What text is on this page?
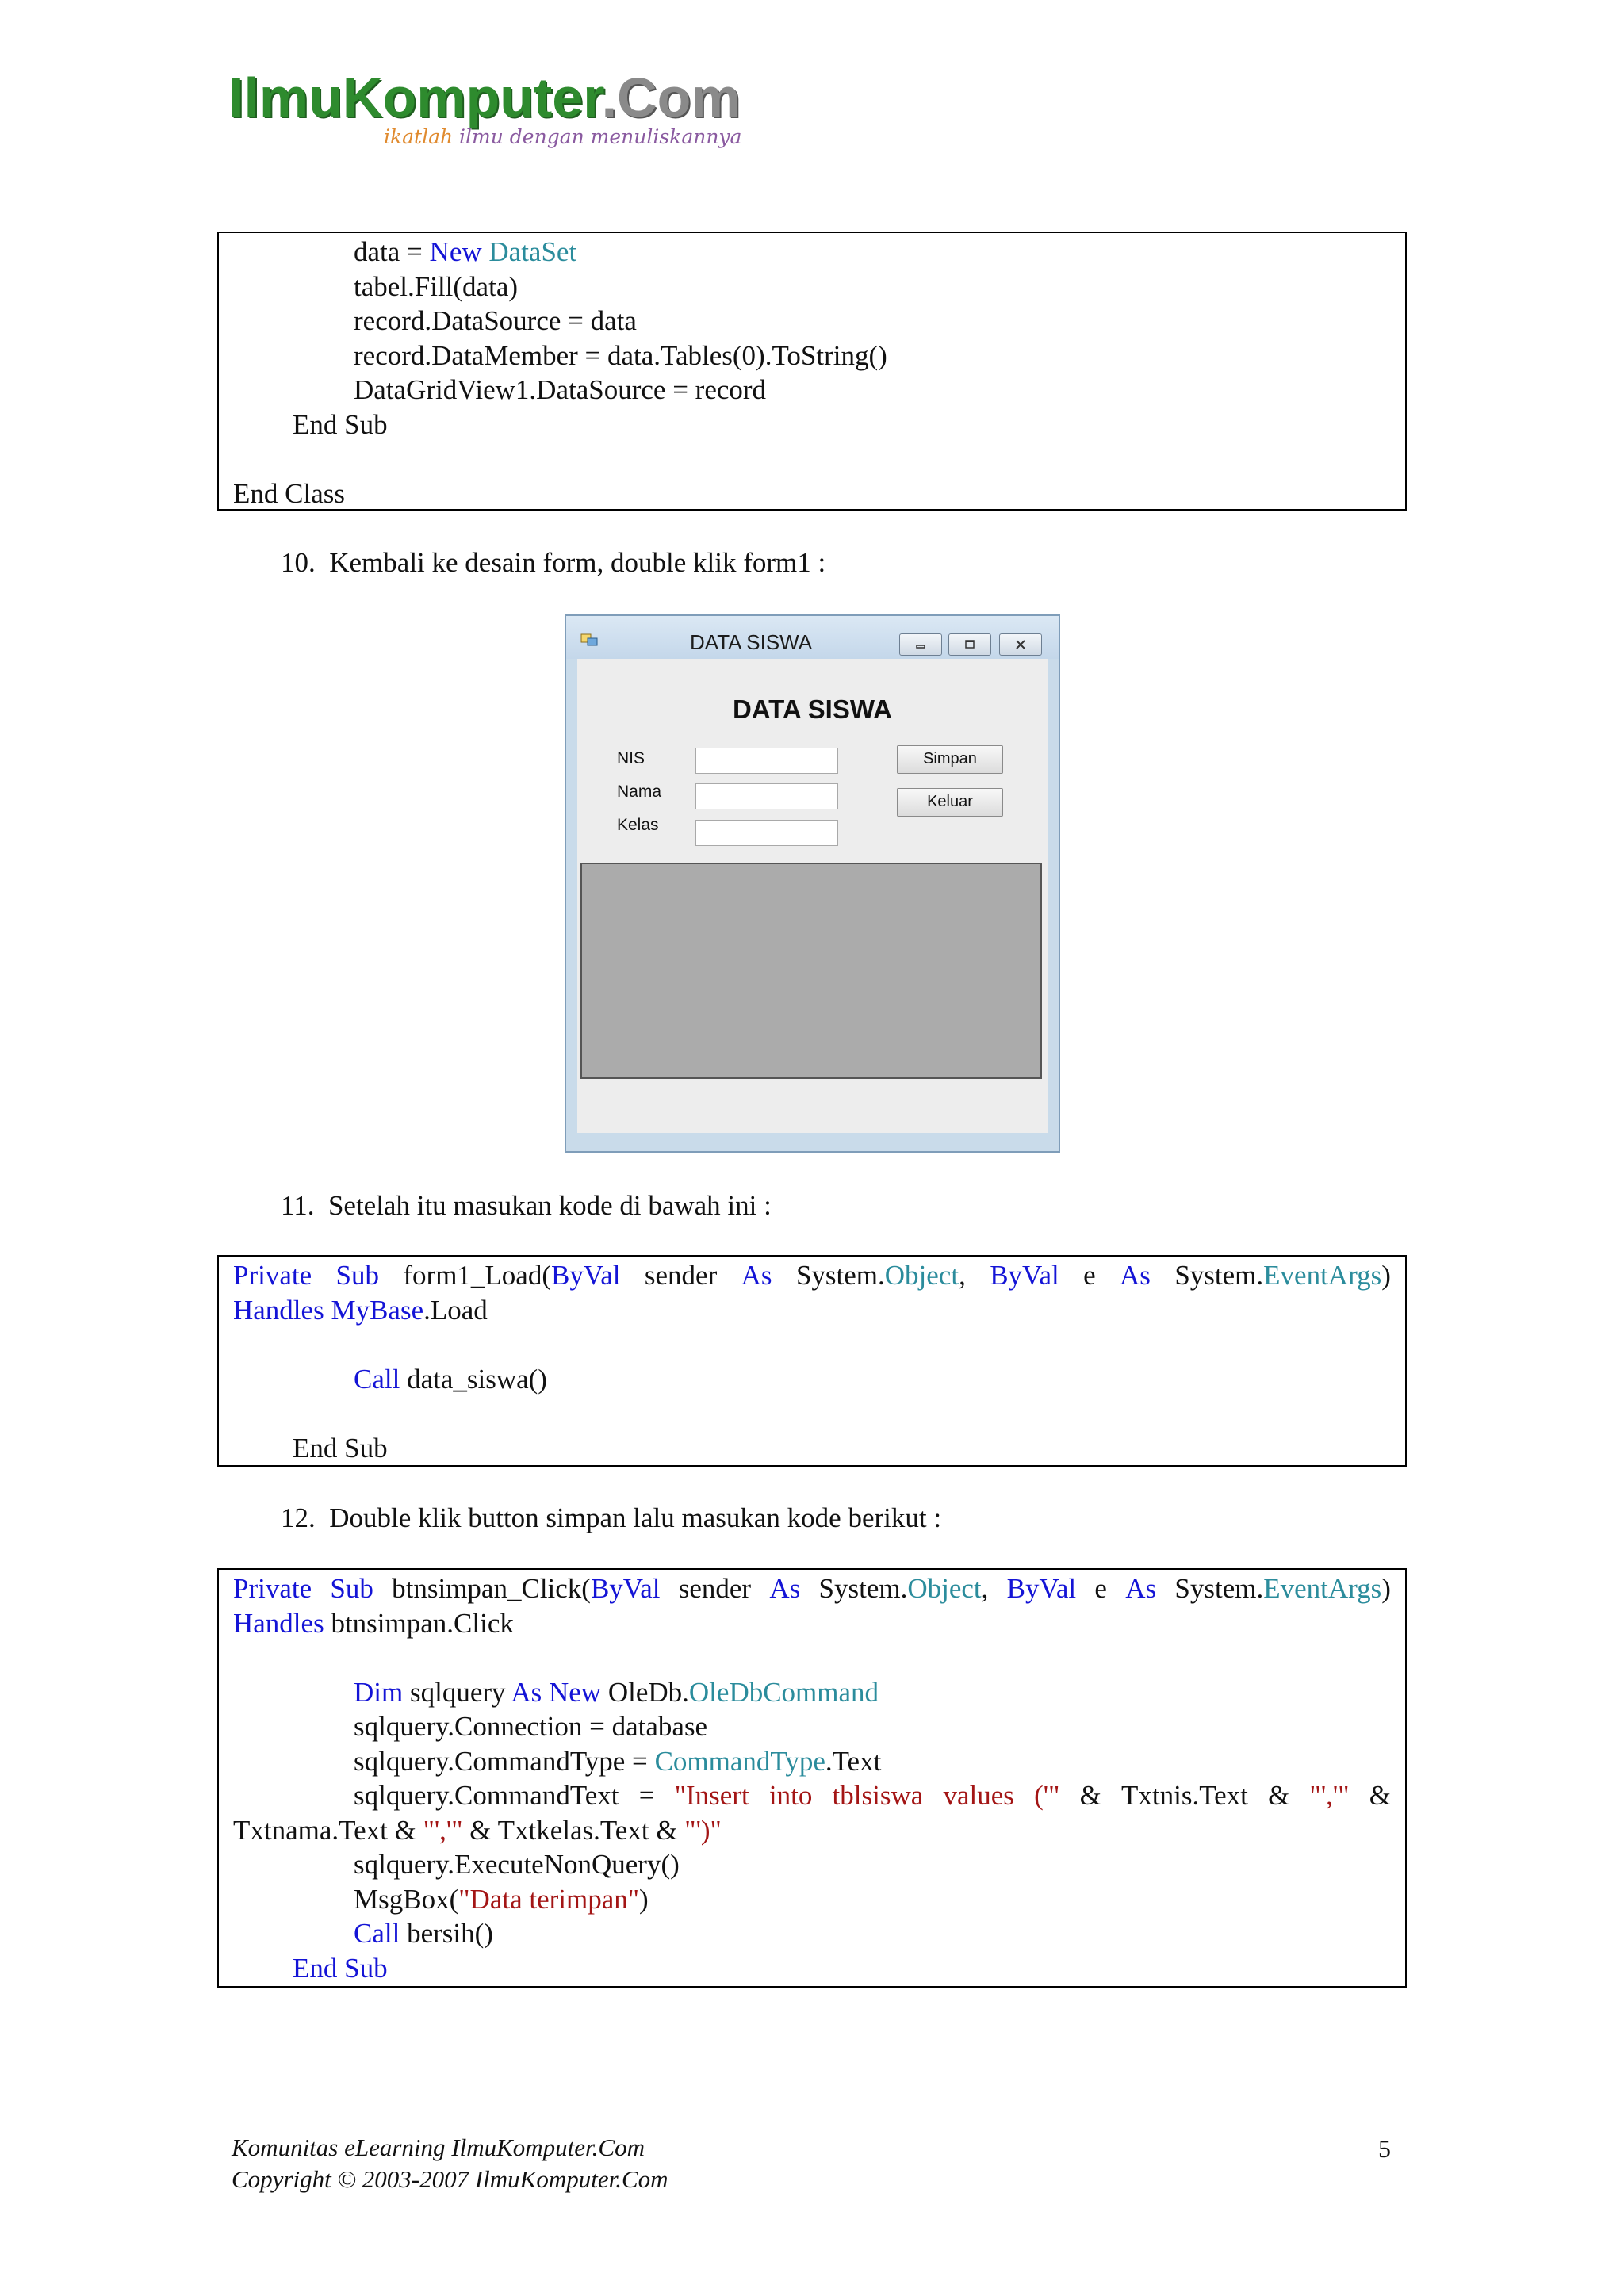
IlmuKomputer.Com
ikatlah ilmu dengan menuliskannya
data = New DataSet
tabel.Fill(data)
record.DataSource = data
record.DataMember = data.Tables(0).ToString()
DataGridView1.DataSource = record
End Sub
End Class
10. Kembali ke desain form, double klik form1 :
DATA SISWA
DATA SISWA
NIS
Nama
Kelas
Simpan
Keluar
11. Setelah itu masukan kode di bawah ini :
Private Sub form1_Load(ByVal sender As System.Object, ByVal e As System.EventArgs)
Handles MyBase.Load
Call data_siswa()
End Sub
12. Double klik button simpan lalu masukan kode berikut :
Private Sub btnsimpan_Click(ByVal sender As System.Object, ByVal e As System.EventArgs)
Handles btnsimpan.Click
Dim sqlquery As New OleDb.OleDbCommand
sqlquery.Connection = database
sqlquery.CommandType = CommandType.Text
sqlquery.CommandText = "Insert into tblsiswa values ('" & Txtnis.Text & "','" &
Txtnama.Text & "','" & Txtkelas.Text & "')"
sqlquery.ExecuteNonQuery()
MsgBox("Data terimpan")
Call bersih()
End Sub
Komunitas eLearning IlmuKomputer.Com
Copyright © 2003-2007 IlmuKomputer.Com
5
